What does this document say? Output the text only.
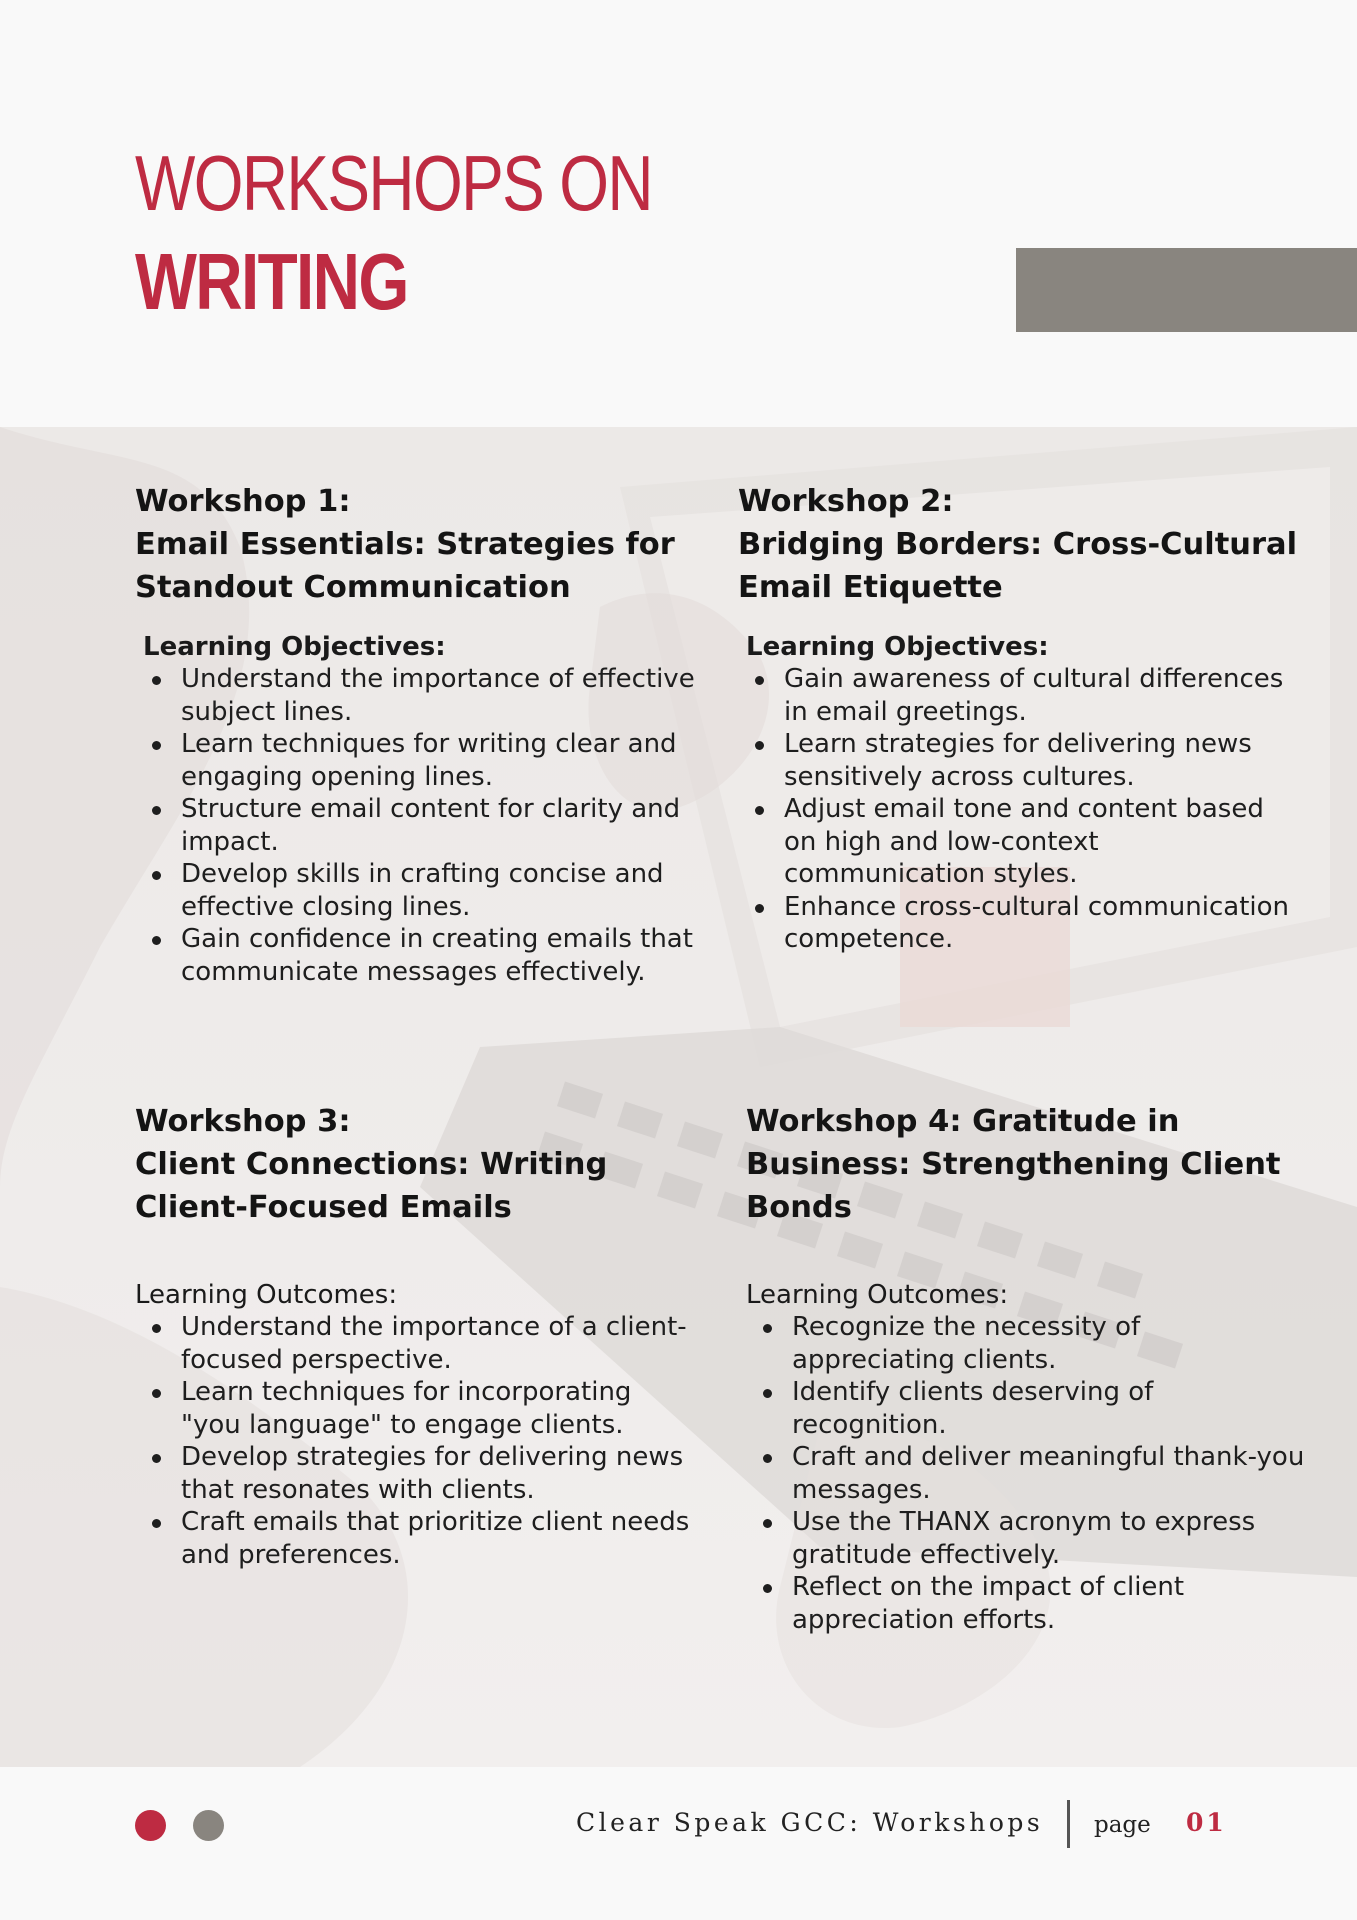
WORKSHOPS ON
WRITING
Workshop 1:
Email Essentials: Strategies for
Standout Communication
Learning Objectives:
Understand the importance of effective subject lines.
Learn techniques for writing clear and engaging opening lines.
Structure email content for clarity and impact.
Develop skills in crafting concise and effective closing lines.
Gain confidence in creating emails that communicate messages effectively.
Workshop 2:
Bridging Borders: Cross-Cultural
Email Etiquette
Learning Objectives:
Gain awareness of cultural differences in email greetings.
Learn strategies for delivering news sensitively across cultures.
Adjust email tone and content based on high and low-context communication styles.
Enhance cross-cultural communication competence.
Workshop 3:
Client Connections: Writing
Client-Focused Emails
Learning Outcomes:
Understand the importance of a client-focused perspective.
Learn techniques for incorporating "you language" to engage clients.
Develop strategies for delivering news that resonates with clients.
Craft emails that prioritize client needs and preferences.
Workshop 4: Gratitude in
Business: Strengthening Client
Bonds
Learning Outcomes:
Recognize the necessity of appreciating clients.
Identify clients deserving of recognition.
Craft and deliver meaningful thank-you messages.
Use the THANX acronym to express gratitude effectively.
Reflect on the impact of client appreciation efforts.
Clear Speak GCC: Workshops page 01
